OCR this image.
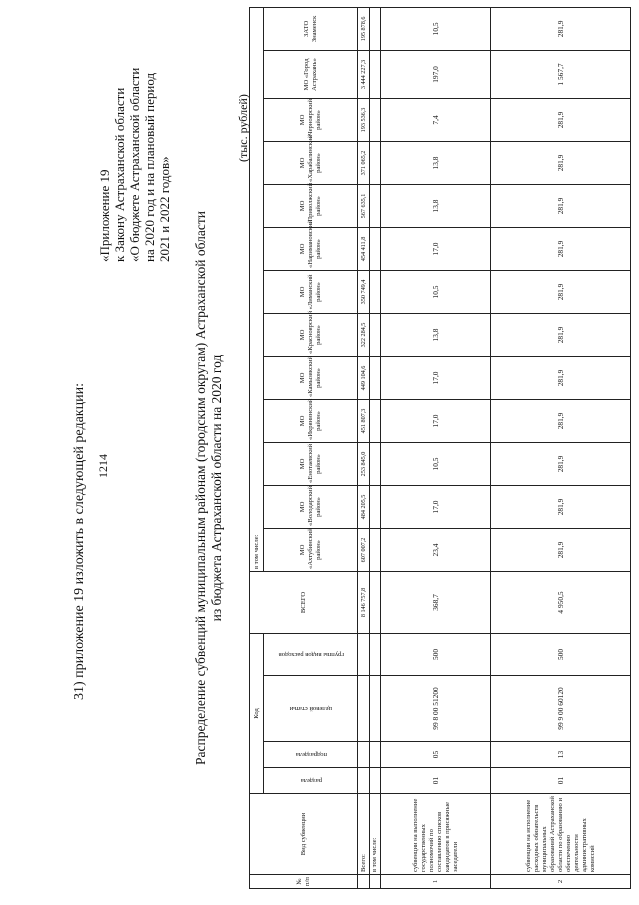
1214
31) приложение 19 изложить в следующей редакции:
«Приложение 19 к Закону Астраханской области «О бюджете Астраханской области на 2020 год и на плановый период 2021 и 2022 годов»
Распределение субвенций муниципальным районам (городским округам) Астраханской области из бюджета Астраханской области на 2020 год
(тыс. рублей)
№ п/п	Вид субвенции	Код				ВСЕГО	в том числе:												
		раздела	подраздела	целевой статьи	группы видов расходов		МО «Ахтубинский район»	МО «Володарский район»	МО «Енотаевский район»	МО «Икрянинский район»	МО «Камызякский район»	МО «Красноярский район»	МО «Лиманский район»	МО «Наримановский район»	МО «Приволжский район»	МО «Харабалинский район»	МО «Черноярский район»	МО «Город Астрахань»	ЗАТО Знаменск

	Всего:					8 146 757,8	607 007,2	484 205,5	253 845,0	451 807,3	449 104,6	322 284,5	350 749,4	454 411,8	567 635,1	371 065,2	193 536,3	3 444 227,3	195 878,6
	в том числе:																		
1	субвенции на выполнение государственных полномочий по составлению списков кандидатов в присяжные заседатели	01	05	99 8 00 51200	500	368,7	23,4	17,0	10,5	17,0	17,0	13,8	10,5	17,0	13,8	13,8	7,4	197,0	10,5
2	субвенции на исполнение расходных обязательств муниципальных образований Астраханской области по образованию и обеспечению деятельности административных комиссий	01	13	99 9 00 60120	500	4 950,5	281,9	281,9	281,9	281,9	281,9	281,9	281,9	281,9	281,9	281,9	281,9	1 567,7	281,9
